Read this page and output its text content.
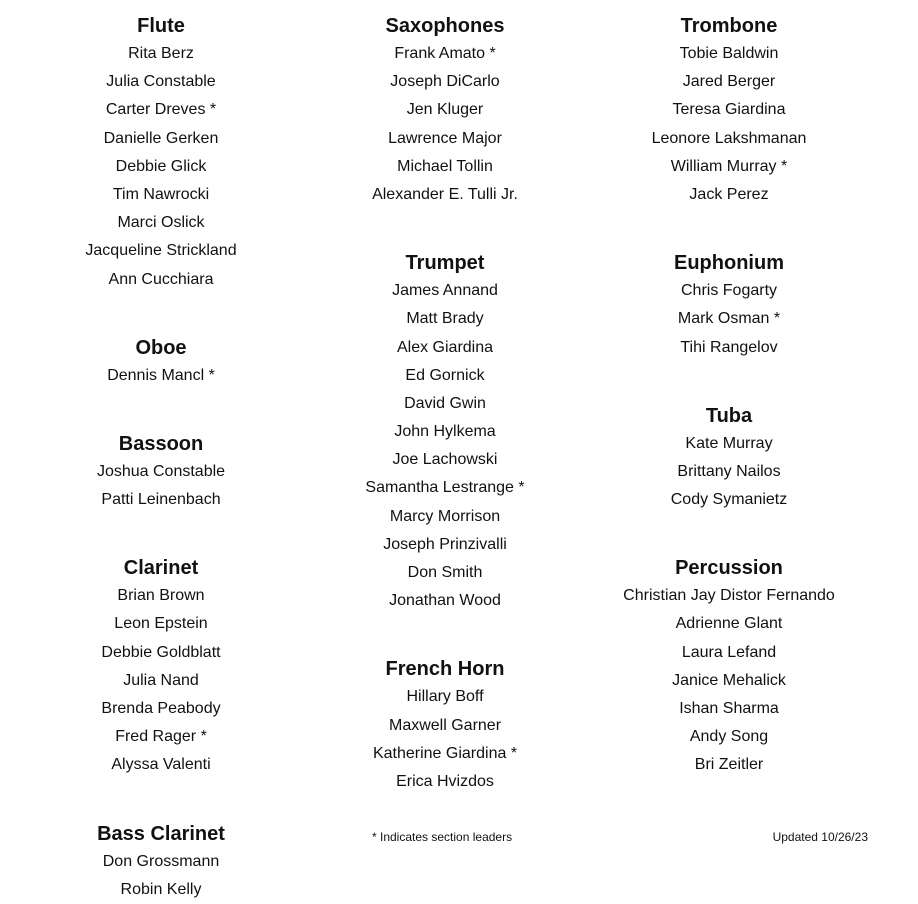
Flute
Rita Berz
Julia Constable
Carter Dreves *
Danielle Gerken
Debbie Glick
Tim Nawrocki
Marci Oslick
Jacqueline Strickland
Ann Cucchiara
Oboe
Dennis Mancl *
Bassoon
Joshua Constable
Patti Leinenbach
Clarinet
Brian Brown
Leon Epstein
Debbie Goldblatt
Julia Nand
Brenda Peabody
Fred Rager *
Alyssa Valenti
Bass Clarinet
Don Grossmann
Robin Kelly
Saxophones
Frank Amato *
Joseph DiCarlo
Jen Kluger
Lawrence Major
Michael Tollin
Alexander E. Tulli Jr.
Trumpet
James Annand
Matt Brady
Alex Giardina
Ed Gornick
David Gwin
John Hylkema
Joe Lachowski
Samantha Lestrange *
Marcy Morrison
Joseph Prinzivalli
Don Smith
Jonathan Wood
French Horn
Hillary Boff
Maxwell Garner
Katherine Giardina *
Erica Hvizdos
Trombone
Tobie Baldwin
Jared Berger
Teresa Giardina
Leonore Lakshmanan
William Murray *
Jack Perez
Euphonium
Chris Fogarty
Mark Osman *
Tihi Rangelov
Tuba
Kate Murray
Brittany Nailos
Cody Symanietz
Percussion
Christian Jay Distor Fernando
Adrienne Glant
Laura Lefand
Janice Mehalick
Ishan Sharma
Andy Song
Bri Zeitler
* Indicates section leaders	Updated 10/26/23
